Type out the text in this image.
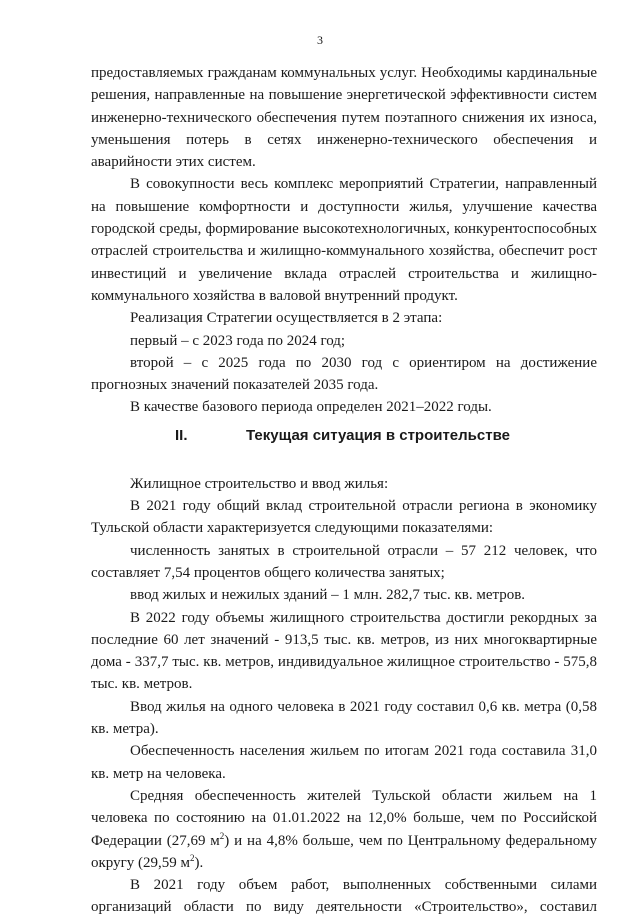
3

предоставляемых гражданам коммунальных услуг. Необходимы кардинальные решения, направленные на повышение энергетической эффективности систем инженерно-технического обеспечения путем поэтапного снижения их износа, уменьшения потерь в сетях инженерно-технического обеспечения и аварийности этих систем.

В совокупности весь комплекс мероприятий Стратегии, направленный на повышение комфортности и доступности жилья, улучшение качества городской среды, формирование высокотехнологичных, конкурентоспособных отраслей строительства и жилищно-коммунального хозяйства, обеспечит рост инвестиций и увеличение вклада отраслей строительства и жилищно-коммунального хозяйства в валовой внутренний продукт.

Реализация Стратегии осуществляется в 2 этапа:

первый – с 2023 года по 2024 год;

второй – с 2025 года по 2030 год с ориентиром на достижение прогнозных значений показателей 2035 года.

В качестве базового периода определен 2021–2022 годы.

II.	Текущая ситуация в строительстве

Жилищное строительство и ввод жилья:

В 2021 году общий вклад строительной отрасли региона в экономику Тульской области характеризуется следующими показателями:

численность занятых в строительной отрасли – 57 212 человек, что составляет 7,54 процентов общего количества занятых;

ввод жилых и нежилых зданий – 1 млн. 282,7 тыс. кв. метров.

В 2022 году объемы жилищного строительства достигли рекордных за последние 60 лет значений - 913,5 тыс. кв. метров, из них многоквартирные дома - 337,7 тыс. кв. метров, индивидуальное жилищное строительство - 575,8 тыс. кв. метров.

Ввод жилья на одного человека в 2021 году составил 0,6 кв. метра (0,58 кв. метра).

Обеспеченность населения жильем по итогам 2021 года составила 31,0 кв. метр на человека.

Средняя обеспеченность жителей Тульской области жильем на 1 человека по состоянию на 01.01.2022 на 12,0% больше, чем по Российской Федерации (27,69 $м^2$) и на 4,8% больше, чем по Центральному федеральному округу (29,59 $м^2$).

В 2021 году объем работ, выполненных собственными силами организаций области по виду деятельности «Строительство», составил
